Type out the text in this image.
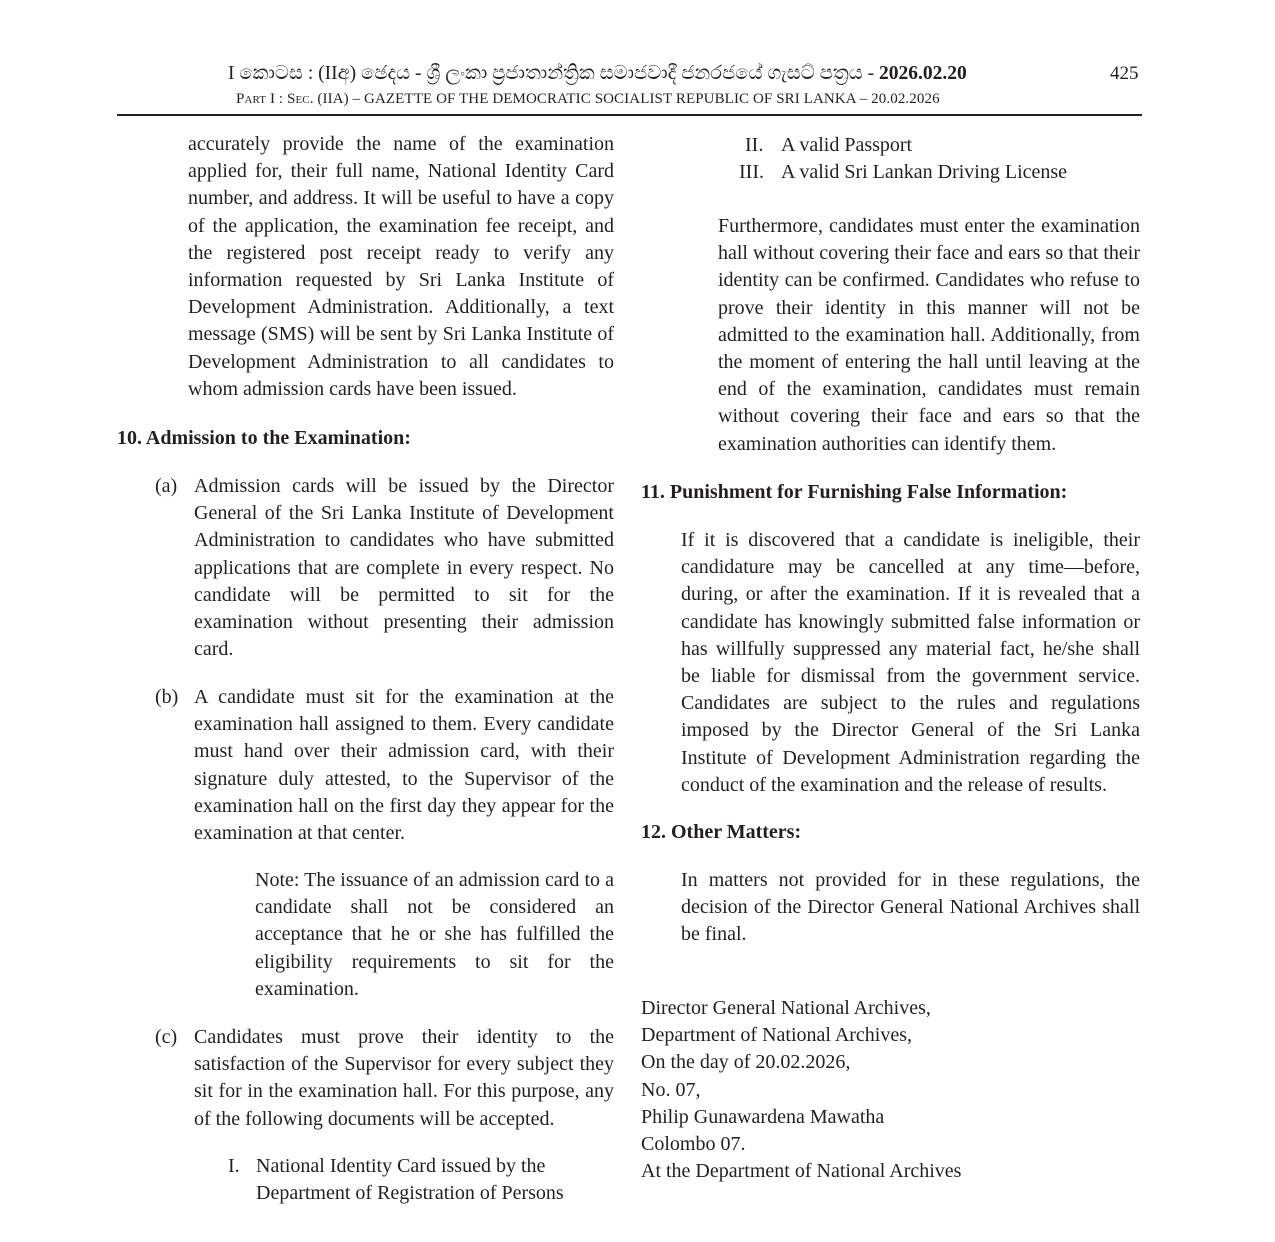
I කොටස : (IIඅ) ඡෙදය - ශ්‍රී ලංකා ප්‍රජාතාන්ත්‍රික සමාජවාදී ජනරජයේ ගැසට් පත්‍රය - 2026.02.20
Part I : Sec. (IIA) – GAZETTE OF THE DEMOCRATIC SOCIALIST REPUBLIC OF SRI LANKA – 20.02.2026
425
accurately provide the name of the examination applied for, their full name, National Identity Card number, and address. It will be useful to have a copy of the application, the examination fee receipt, and the registered post receipt ready to verify any information requested by Sri Lanka Institute of Development Administration. Additionally, a text message (SMS) will be sent by Sri Lanka Institute of Development Administration to all candidates to whom admission cards have been issued.
10. Admission to the Examination:
(a) Admission cards will be issued by the Director General of the Sri Lanka Institute of Development Administration to candidates who have submitted applications that are complete in every respect. No candidate will be permitted to sit for the examination without presenting their admission card.
(b) A candidate must sit for the examination at the examination hall assigned to them. Every candidate must hand over their admission card, with their signature duly attested, to the Supervisor of the examination hall on the first day they appear for the examination at that center.
Note: The issuance of an admission card to a candidate shall not be considered an acceptance that he or she has fulfilled the eligibility requirements to sit for the examination.
(c) Candidates must prove their identity to the satisfaction of the Supervisor for every subject they sit for in the examination hall. For this purpose, any of the following documents will be accepted.
I. National Identity Card issued by the Department of Registration of Persons
II. A valid Passport
III. A valid Sri Lankan Driving License
Furthermore, candidates must enter the examination hall without covering their face and ears so that their identity can be confirmed. Candidates who refuse to prove their identity in this manner will not be admitted to the examination hall. Additionally, from the moment of entering the hall until leaving at the end of the examination, candidates must remain without covering their face and ears so that the examination authorities can identify them.
11. Punishment for Furnishing False Information:
If it is discovered that a candidate is ineligible, their candidature may be cancelled at any time—before, during, or after the examination. If it is revealed that a candidate has knowingly submitted false information or has willfully suppressed any material fact, he/she shall be liable for dismissal from the government service. Candidates are subject to the rules and regulations imposed by the Director General of the Sri Lanka Institute of Development Administration regarding the conduct of the examination and the release of results.
12. Other Matters:
In matters not provided for in these regulations, the decision of the Director General National Archives shall be final.
Director General National Archives,
Department of National Archives,
On the day of 20.02.2026,
No. 07,
Philip Gunawardena Mawatha
Colombo 07.
At the Department of National Archives
